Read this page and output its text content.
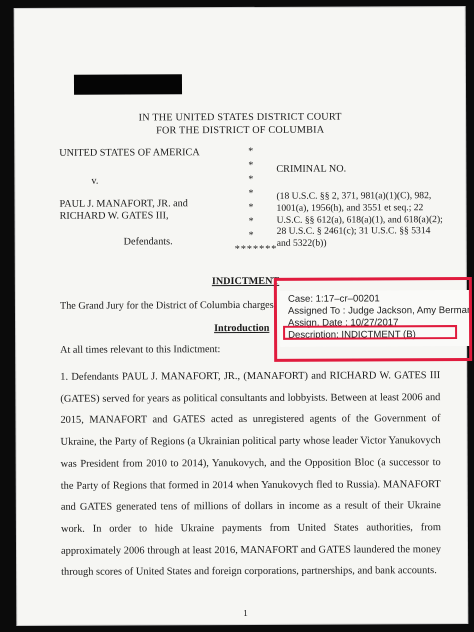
IN THE UNITED STATES DISTRICT COURT
FOR THE DISTRICT OF COLUMBIA
UNITED STATES OF AMERICA
v.
PAUL J. MANAFORT, JR. and
RICHARD W. GATES III,
Defendants.
*
*
*
*
*
*
*
*******
CRIMINAL NO.
(18 U.S.C. §§ 2, 371, 981(a)(1)(C), 982, 1001(a), 1956(h), and 3551 et seq.; 22 U.S.C. §§ 612(a), 618(a)(1), and 618(a)(2); 28 U.S.C. § 2461(c); 31 U.S.C. §§ 5314 and 5322(b))
INDICTMENT
The Grand Jury for the District of Columbia charges:
Introduction
At all times relevant to this Indictment:

1. Defendants PAUL J. MANAFORT, JR., (MANAFORT) and RICHARD W. GATES III (GATES) served for years as political consultants and lobbyists. Between at least 2006 and 2015, MANAFORT and GATES acted as unregistered agents of the Government of Ukraine, the Party of Regions (a Ukrainian political party whose leader Victor Yanukovych was President from 2010 to 2014), Yanukovych, and the Opposition Bloc (a successor to the Party of Regions that formed in 2014 when Yanukovych fled to Russia). MANAFORT and GATES generated tens of millions of dollars in income as a result of their Ukraine work. In order to hide Ukraine payments from United States authorities, from approximately 2006 through at least 2016, MANAFORT and GATES laundered the money through scores of United States and foreign corporations, partnerships, and bank accounts.

1
Case: 1:17–cr–00201
Assigned To : Judge Jackson, Amy Berman
Assign. Date : 10/27/2017
Description: INDICTMENT (B)
